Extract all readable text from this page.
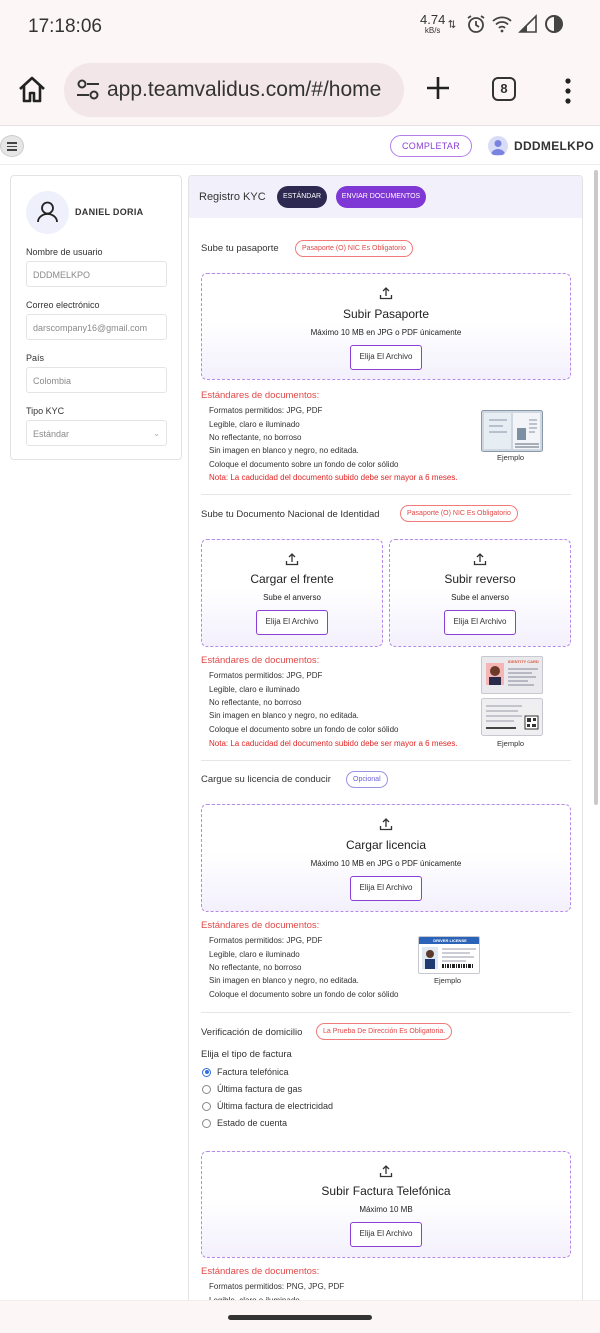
17:18:06	4.74
kB/s
app.teamvalidus.com/#/home	8
COMPLETAR	DDDMELKPO
DANIEL DORIA
Nombre de usuario
DDDMELKPO
Correo electrónico
darscompany16@gmail.com
País
Colombia
Tipo KYC
Estándar	⌄
Registro KYC	ESTÁNDAR	ENVIAR DOCUMENTOS
Sube tu pasaporte	Pasaporte (O) NIC Es Obligatorio
Subir Pasaporte
Máximo 10 MB en JPG o PDF únicamente
Elija El Archivo
Estándares de documentos:
Formatos permitidos: JPG, PDF
Legible, claro e iluminado
No reflectante, no borroso
Sin imagen en blanco y negro, no editada.
Coloque el documento sobre un fondo de color sólido
Nota: La caducidad del documento subido debe ser mayor a 6 meses.
Ejemplo
Sube tu Documento Nacional de Identidad	Pasaporte (O) NIC Es Obligatorio
Cargar el frente
Sube el anverso
Elija El Archivo
Subir reverso
Sube el anverso
Elija El Archivo
Estándares de documentos:
Formatos permitidos: JPG, PDF
Legible, claro e iluminado
No reflectante, no borroso
Sin imagen en blanco y negro, no editada.
Coloque el documento sobre un fondo de color sólido
Nota: La caducidad del documento subido debe ser mayor a 6 meses.
IDENTITY CARD
Ejemplo
Cargue su licencia de conducir	Opcional
Cargar licencia
Máximo 10 MB en JPG o PDF únicamente
Elija El Archivo
Estándares de documentos:
Formatos permitidos: JPG, PDF
Legible, claro e iluminado
No reflectante, no borroso
Sin imagen en blanco y negro, no editada.
Coloque el documento sobre un fondo de color sólido
DRIVER LICENSE
Ejemplo
Verificación de domicilio	La Prueba De Dirección Es Obligatoria.
Elija el tipo de factura
Factura telefónica
Última factura de gas
Última factura de electricidad
Estado de cuenta
Subir Factura Telefónica
Máximo 10 MB
Elija El Archivo
Estándares de documentos:
Formatos permitidos: PNG, JPG, PDF
